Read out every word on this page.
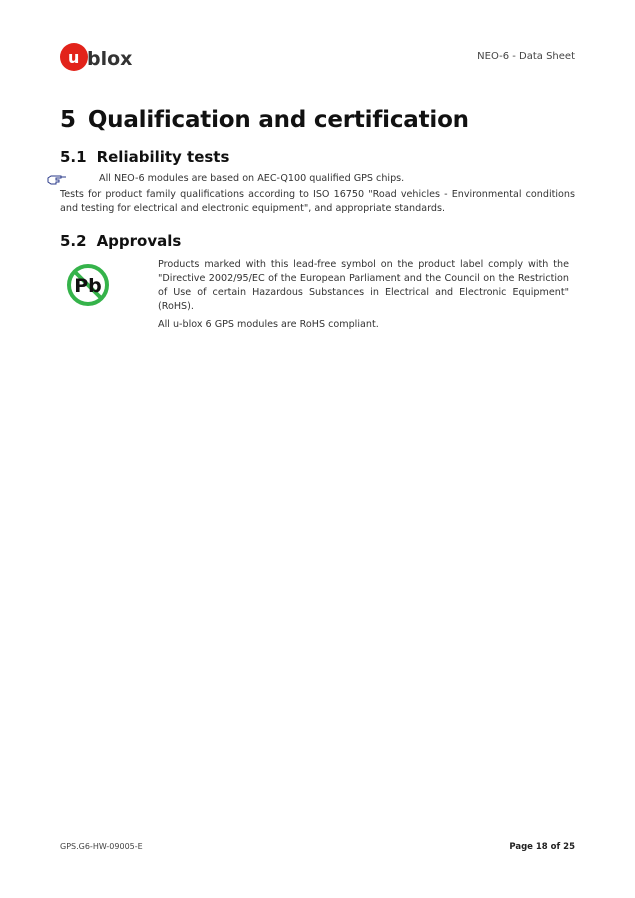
u blox	NEO-6 - Data Sheet
5 Qualification and certification
5.1 Reliability tests
All NEO-6 modules are based on AEC-Q100 qualified GPS chips.
Tests for product family qualifications according to ISO 16750 "Road vehicles - Environmental conditions and testing for electrical and electronic equipment", and appropriate standards.
5.2 Approvals
Pb

Products marked with this lead-free symbol on the product label comply with the "Directive 2002/95/EC of the European Parliament and the Council on the Restriction of Use of certain Hazardous Substances in Electrical and Electronic Equipment" (RoHS).

All u-blox 6 GPS modules are RoHS compliant.

GPS.G6-HW-09005-E	Page 18 of 25
